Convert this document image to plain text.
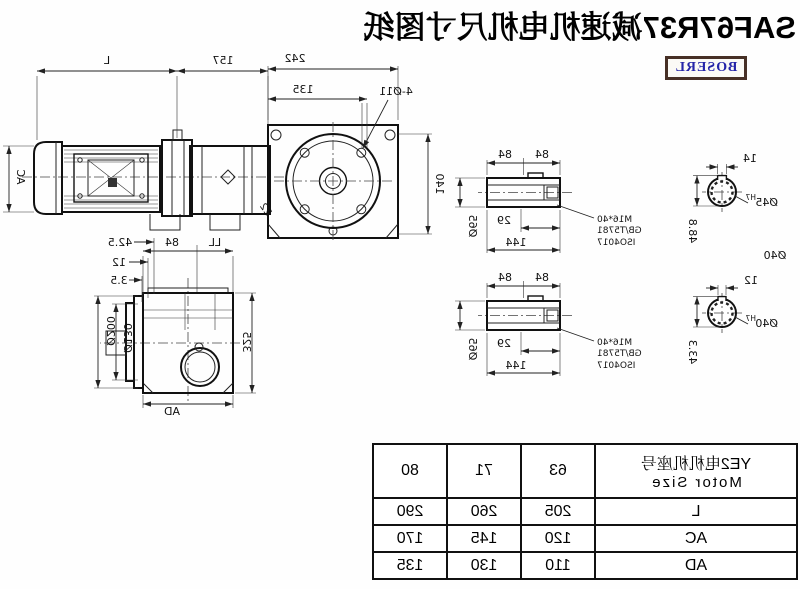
SAF67R37减速机电机尺寸图纸
BOSERL
L	157
AC
242
135	4-Ø11
140
22
84
84
Ø65 29
144
M16*40
GB/T5781
ISO4017
84
84
Ø65 29
144
M16*40
GB/T5781
ISO4017
14
Ø45
H7
48.8
Ø40
12
Ø40
H7
43.3
LL
84
42.5
12
3.5
Ø200 Ø130	325
AD
YE2电机机座号
Motor Size	63	71	80
L	205	260	290
AC	120	145	170
AD	110	130	135
